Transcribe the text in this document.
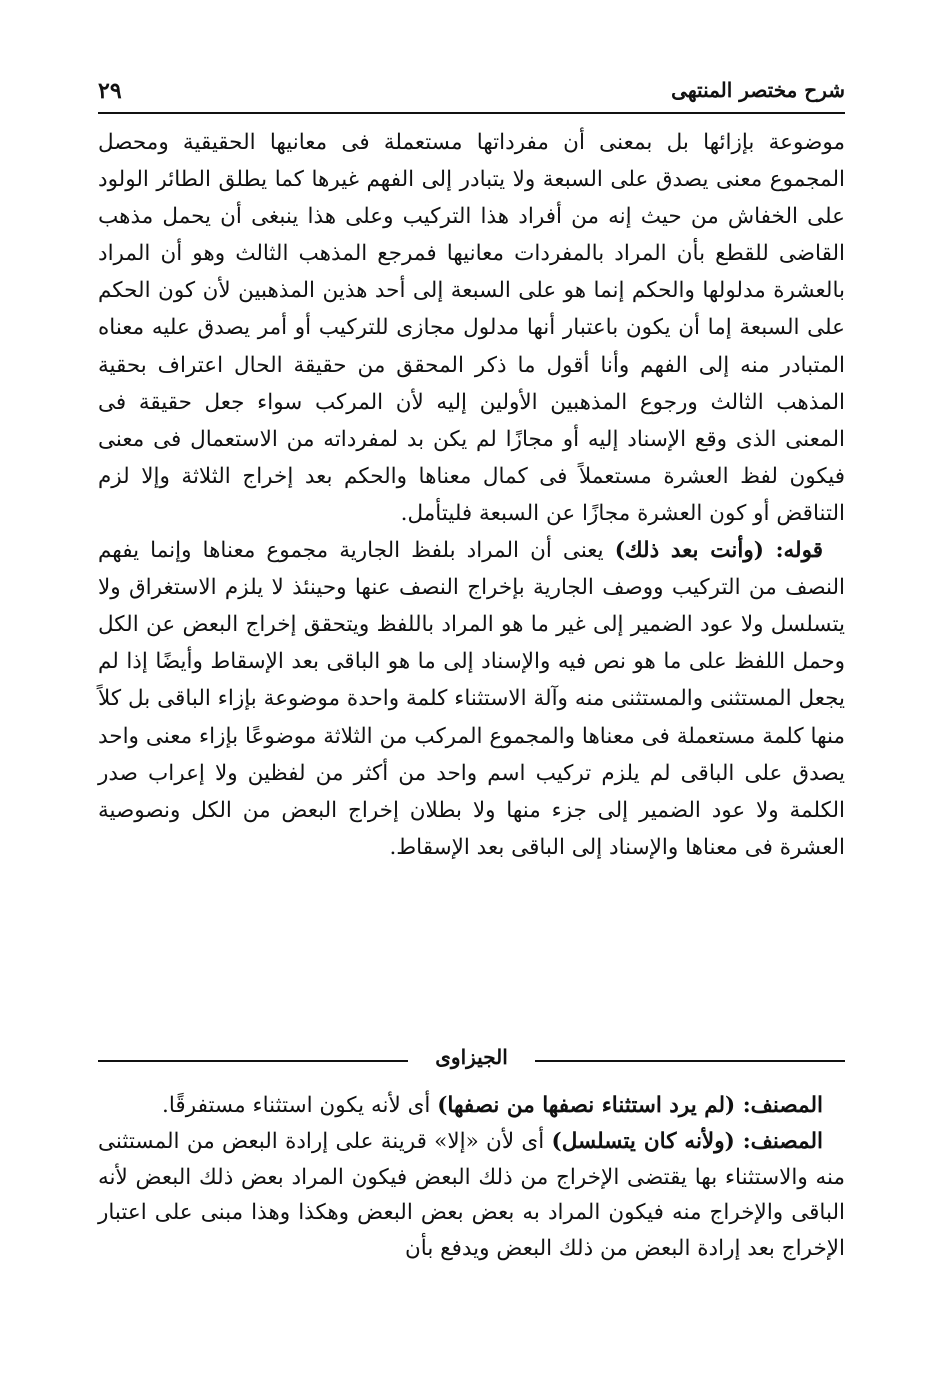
٢٩	شرح مختصر المنتهى

موضوعة بإزائها بل بمعنى أن مفرداتها مستعملة فى معانيها الحقيقية ومحصل المجموع معنى يصدق على السبعة ولا يتبادر إلى الفهم غيرها كما يطلق الطائر الولود على الخفاش من حيث إنه من أفراد هذا التركيب وعلى هذا ينبغى أن يحمل مذهب القاضى للقطع بأن المراد بالمفردات معانيها فمرجع المذهب الثالث وهو أن المراد بالعشرة مدلولها والحكم إنما هو على السبعة إلى أحد هذين المذهبين لأن كون الحكم على السبعة إما أن يكون باعتبار أنها مدلول مجازى للتركيب أو أمر يصدق عليه معناه المتبادر منه إلى الفهم وأنا أقول ما ذكر المحقق من حقيقة الحال اعتراف بحقية المذهب الثالث ورجوع المذهبين الأولين إليه لأن المركب سواء جعل حقيقة فى المعنى الذى وقع الإسناد إليه أو مجازًا لم يكن بد لمفرداته من الاستعمال فى معنى فيكون لفظ العشرة مستعملاً فى كمال معناها والحكم بعد إخراج الثلاثة وإلا لزم التناقض أو كون العشرة مجازًا عن السبعة فليتأمل.

قوله: (وأنت بعد ذلك) يعنى أن المراد بلفظ الجارية مجموع معناها وإنما يفهم النصف من التركيب ووصف الجارية بإخراج النصف عنها وحينئذ لا يلزم الاستغراق ولا يتسلسل ولا عود الضمير إلى غير ما هو المراد باللفظ ويتحقق إخراج البعض عن الكل وحمل اللفظ على ما هو نص فيه والإسناد إلى ما هو الباقى بعد الإسقاط وأيضًا إذا لم يجعل المستثنى والمستثنى منه وآلة الاستثناء كلمة واحدة موضوعة بإزاء الباقى بل كلاً منها كلمة مستعملة فى معناها والمجموع المركب من الثلاثة موضوعًا بإزاء معنى واحد يصدق على الباقى لم يلزم تركيب اسم واحد من أكثر من لفظين ولا إعراب صدر الكلمة ولا عود الضمير إلى جزء منها ولا بطلان إخراج البعض من الكل ونصوصية العشرة فى معناها والإسناد إلى الباقى بعد الإسقاط.

الجيزاوى

المصنف: (لم يرد استثناء نصفها من نصفها) أى لأنه يكون استثناء مستفرقًا.

المصنف: (ولأنه كان يتسلسل) أى لأن «إلا» قرينة على إرادة البعض من المستثنى منه والاستثناء بها يقتضى الإخراج من ذلك البعض فيكون المراد بعض ذلك البعض لأنه الباقى والإخراج منه فيكون المراد به بعض بعض البعض وهكذا وهذا مبنى على اعتبار الإخراج بعد إرادة البعض من ذلك البعض ويدفع بأن
